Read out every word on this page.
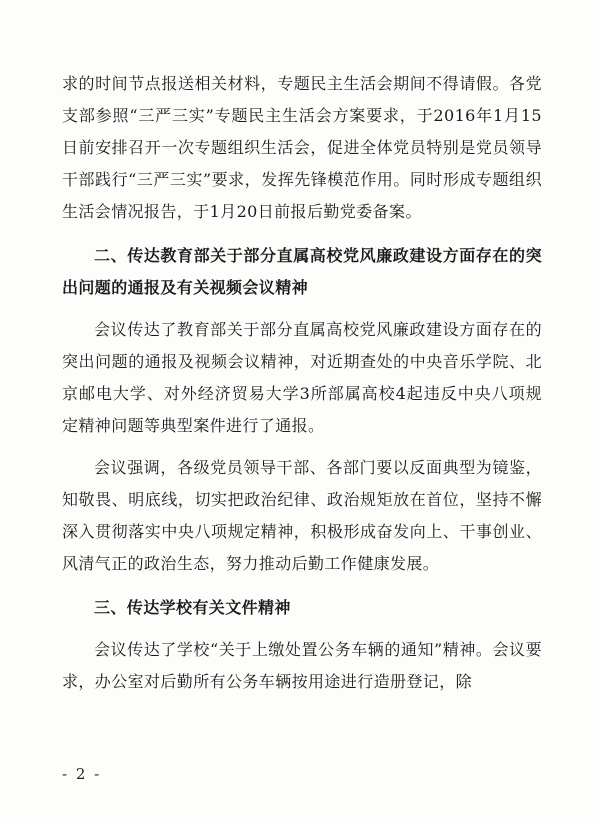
求的时间节点报送相关材料，专题民主生活会期间不得请假。各党支部参照“三严三实”专题民主生活会方案要求，于2016年1月15日前安排召开一次专题组织生活会，促进全体党员特别是党员领导干部践行“三严三实”要求，发挥先锋模范作用。同时形成专题组织生活会情况报告，于1月20日前报后勤党委备案。

二、传达教育部关于部分直属高校党风廉政建设方面存在的突出问题的通报及有关视频会议精神

会议传达了教育部关于部分直属高校党风廉政建设方面存在的突出问题的通报及视频会议精神，对近期查处的中央音乐学院、北京邮电大学、对外经济贸易大学3所部属高校4起违反中央八项规定精神问题等典型案件进行了通报。

会议强调，各级党员领导干部、各部门要以反面典型为镜鉴，知敬畏、明底线，切实把政治纪律、政治规矩放在首位，坚持不懈深入贯彻落实中央八项规定精神，积极形成奋发向上、干事创业、风清气正的政治生态，努力推动后勤工作健康发展。

三、传达学校有关文件精神

会议传达了学校“关于上缴处置公务车辆的通知”精神。会议要求，办公室对后勤所有公务车辆按用途进行造册登记，除

- 2 -
